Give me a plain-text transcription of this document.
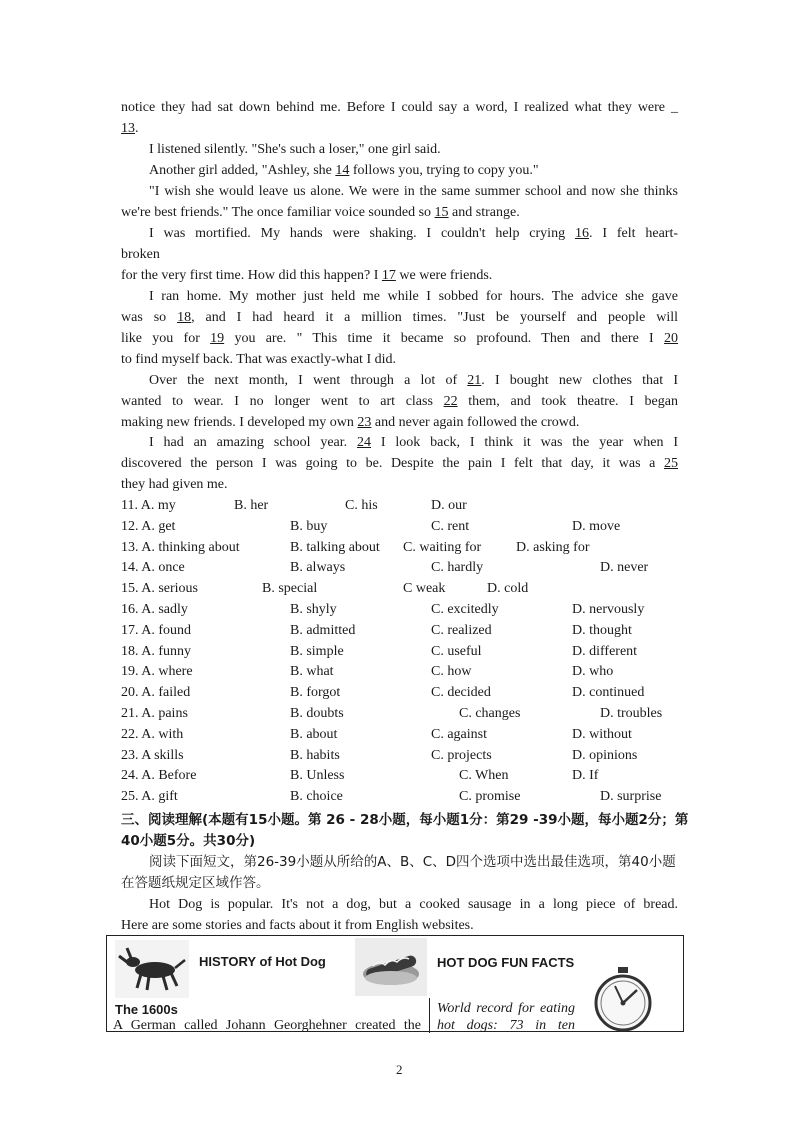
notice they had sat down behind me. Before I could say a word, I realized what they were _
13.
I listened silently. "She's such a loser," one girl said.
Another girl added, "Ashley, she 14 follows you, trying to copy you."
"I wish she would leave us alone. We were in the same summer school and now she thinks
we're best friends." The once familiar voice sounded so 15 and strange.
I was mortified. My hands were shaking. I couldn't help crying 16. I felt heart-
broken
for the very first time. How did this happen? I 17 we were friends.
I ran home. My mother just held me while I sobbed for hours. The advice she gave
was so 18, and I had heard it a million times. "Just be yourself and people will
like you for 19 you are. " This time it became so profound. Then and there I 20
to find myself back. That was exactly-what I did.
Over the next month, I went through a lot of 21. I bought new clothes that I
wanted to wear. I no longer went to art class 22 them, and took theatre. I began
making new friends. I developed my own 23 and never again followed the crowd.
I had an amazing school year. 24 I look back, I think it was the year when I
discovered the person I was going to be. Despite the pain I felt that day, it was a 25
they had given me.
11. A. my	B. her	C. his	D. our
12. A. get	B. buy	C. rent	D. move
13. A. thinking about	B. talking about C. waiting for D. asking for
14. A. once	B. always	C. hardly	D. never
15. A. serious	B. special	C weak	D. cold
16. A. sadly	B. shyly	C. excitedly	D. nervously
17. A. found	B. admitted	C. realized	D. thought
18. A. funny	B. simple	C. useful	D. different
19. A. where	B. what	C. how	D. who
20. A. failed	B. forgot	C. decided	D. continued
21. A. pains	B. doubts	C. changes	D. troubles
22. A. with	B. about	C. against	D. without
23. A skills	B. habits	C. projects	D. opinions
24. A. Before	B. Unless	C. When	D. If
25. A. gift	B. choice	C. promise	D. surprise
三、阅读理解(本题有15小题。第 26 - 28小题，每小题1分：第29 -39小题，每小题2分；第
40小题5分。共30分)
阅读下面短文，第26-39小题从所给的A、B、C、D四个选项中选出最佳选项，第40小题
在答题纸规定区域作答。
Hot Dog is popular. It's not a dog, but a cooked sausage in a long piece of bread.
Here are some stories and facts about it from English websites.
HISTORY of Hot Dog	HOT DOG FUN FACTS
The 1600s
A German called Johann Georghehner created the
World record for eating hot dogs: 73 in ten
2
